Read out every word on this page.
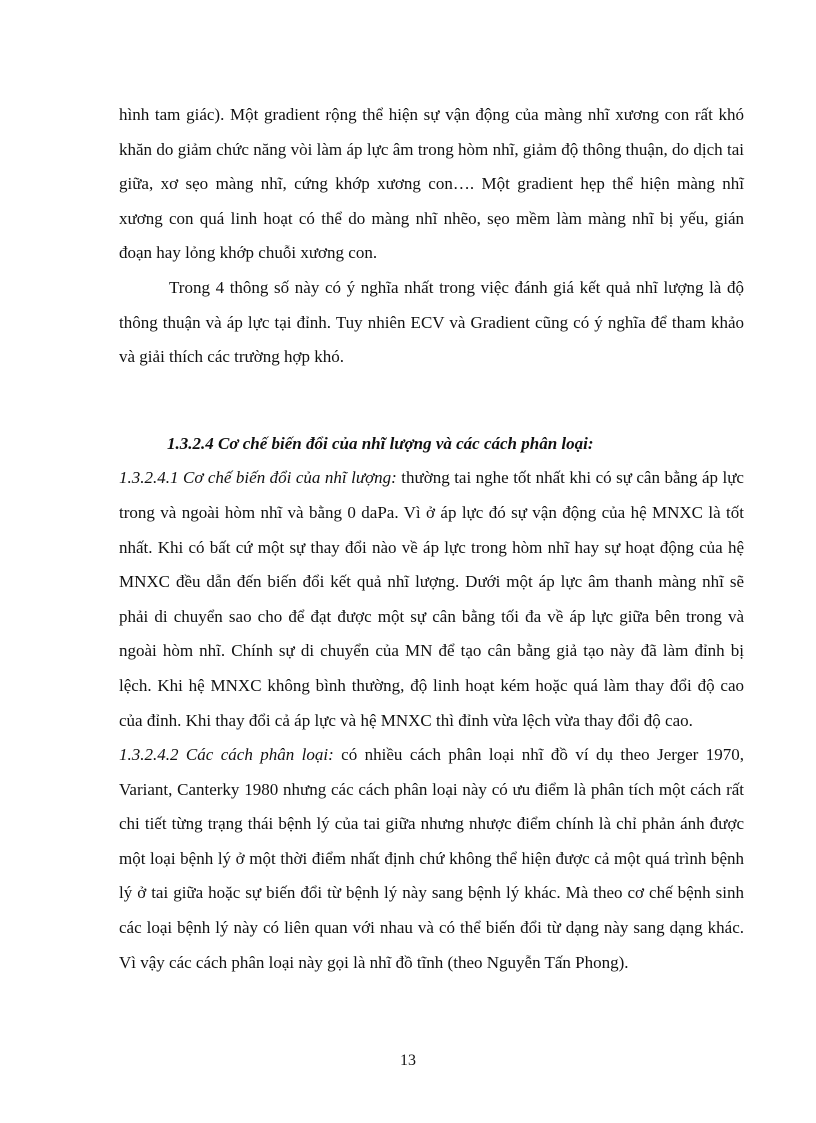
hình tam giác). Một gradient rộng thể hiện sự vận động của màng nhĩ xương con rất khó khăn do giảm chức năng vòi làm áp lực âm trong hòm nhĩ, giảm độ thông thuận, do dịch tai giữa, xơ sẹo màng nhĩ, cứng khớp xương con…. Một gradient hẹp thể hiện màng nhĩ xương con quá linh hoạt có thể do màng nhĩ nhẽo, sẹo mềm làm màng nhĩ bị yếu, gián đoạn hay lỏng khớp chuỗi xương con.

Trong 4 thông số này có ý nghĩa nhất trong việc đánh giá kết quả nhĩ lượng là độ thông thuận và áp lực tại đỉnh. Tuy nhiên ECV và Gradient cũng có ý nghĩa để tham khảo và giải thích các trường hợp khó.

1.3.2.4 Cơ chế biến đổi của nhĩ lượng và các cách phân loại:

1.3.2.4.1 Cơ chế biến đổi của nhĩ lượng: thường tai nghe tốt nhất khi có sự cân bằng áp lực trong và ngoài hòm nhĩ và bằng 0 daPa. Vì ở áp lực đó sự vận động của hệ MNXC là tốt nhất. Khi có bất cứ một sự thay đổi nào về áp lực trong hòm nhĩ hay sự hoạt động của hệ MNXC đều dẫn đến biến đổi kết quả nhĩ lượng. Dưới một áp lực âm thanh màng nhĩ sẽ phải di chuyển sao cho để đạt được một sự cân bằng tối đa về áp lực giữa bên trong và ngoài hòm nhĩ. Chính sự di chuyển của MN để tạo cân bằng giả tạo này đã làm đỉnh bị lệch. Khi hệ MNXC không bình thường, độ linh hoạt kém hoặc quá làm thay đổi độ cao của đỉnh. Khi thay đổi cả áp lực và hệ MNXC thì đỉnh vừa lệch vừa thay đổi độ cao.

1.3.2.4.2 Các cách phân loại: có nhiều cách phân loại nhĩ đồ ví dụ theo Jerger 1970, Variant, Canterky 1980 nhưng các cách phân loại này có ưu điểm là phân tích một cách rất chi tiết từng trạng thái bệnh lý của tai giữa nhưng nhược điểm chính là chỉ phản ánh được một loại bệnh lý ở một thời điểm nhất định chứ không thể hiện được cả một quá trình bệnh lý ở tai giữa hoặc sự biến đổi từ bệnh lý này sang bệnh lý khác. Mà theo cơ chế bệnh sinh các loại bệnh lý này có liên quan với nhau và có thể biến đổi từ dạng này sang dạng khác. Vì vậy các cách phân loại này gọi là nhĩ đồ tĩnh (theo Nguyễn Tấn Phong).

13
